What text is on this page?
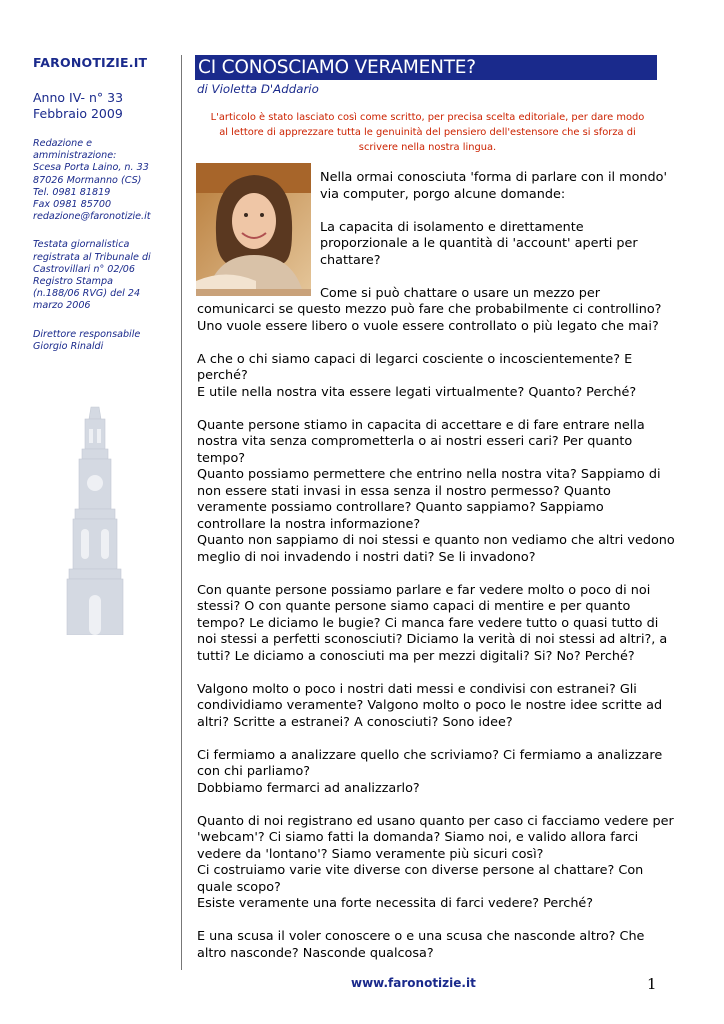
FARONOTIZIE.IT
Anno IV- n° 33
Febbraio 2009
Redazione e
amministrazione:
Scesa Porta Laino, n. 33
87026 Mormanno (CS)
Tel. 0981 81819
Fax 0981 85700
redazione@faronotizie.it
Testata giornalistica
registrata al Tribunale di
Castrovillari n° 02/06
Registro Stampa
(n.188/06 RVG) del 24
marzo 2006
Direttore responsabile
Giorgio Rinaldi
CI CONOSCIAMO VERAMENTE?
di Violetta D'Addario
L'articolo è stato lasciato così come scritto, per precisa scelta editoriale, per dare modo
al lettore di apprezzare tutta le genuinità del pensiero dell'estensore che si sforza di
scrivere nella nostra lingua.
Nella ormai conosciuta 'forma di parlare con il mondo'
via computer, porgo alcune domande:
La capacita di isolamento e direttamente
proporzionale a le quantità di 'account' aperti per
chattare?
Come si può chattare o usare un mezzo per
comunicarci se questo mezzo può fare che probabilmente ci controllino?
Uno vuole essere libero o vuole essere controllato o più legato che mai?
A che o chi siamo capaci di legarci cosciente o incoscientemente? E
perché?
E utile nella nostra vita essere legati virtualmente? Quanto? Perché?
Quante persone stiamo in capacita di accettare e di fare entrare nella
nostra vita senza comprometterla o ai nostri esseri cari? Per quanto
tempo?
Quanto possiamo permettere che entrino nella nostra vita? Sappiamo di
non essere stati invasi in essa senza il nostro permesso? Quanto
veramente possiamo controllare? Quanto sappiamo? Sappiamo
controllare la nostra informazione?
Quanto non sappiamo di noi stessi e quanto non vediamo che altri vedono
meglio di noi invadendo i nostri dati? Se li invadono?
Con quante persone possiamo parlare e far vedere molto o poco di noi
stessi? O con quante persone siamo capaci di mentire e per quanto
tempo? Le diciamo le bugie? Ci manca fare vedere tutto o quasi tutto di
noi stessi a perfetti sconosciuti? Diciamo la verità di noi stessi ad altri?, a
tutti? Le diciamo a conosciuti ma per mezzi digitali? Si? No? Perché?
Valgono molto o poco i nostri dati messi e condivisi con estranei? Gli
condividiamo veramente? Valgono molto o poco le nostre idee scritte ad
altri? Scritte a estranei? A conosciuti? Sono idee?
Ci fermiamo a analizzare quello che scriviamo? Ci fermiamo a analizzare
con chi parliamo?
Dobbiamo fermarci ad analizzarlo?
Quanto di noi registrano ed usano quanto per caso ci facciamo vedere per
'webcam'? Ci siamo fatti la domanda? Siamo noi, e valido allora farci
vedere da 'lontano'? Siamo veramente più sicuri così?
Ci costruiamo varie vite diverse con diverse persone al chattare? Con
quale scopo?
Esiste veramente una forte necessita di farci vedere? Perché?
E una scusa il voler conoscere o e una scusa che nasconde altro? Che
altro nasconde? Nasconde qualcosa?
www.faronotizie.it	1
